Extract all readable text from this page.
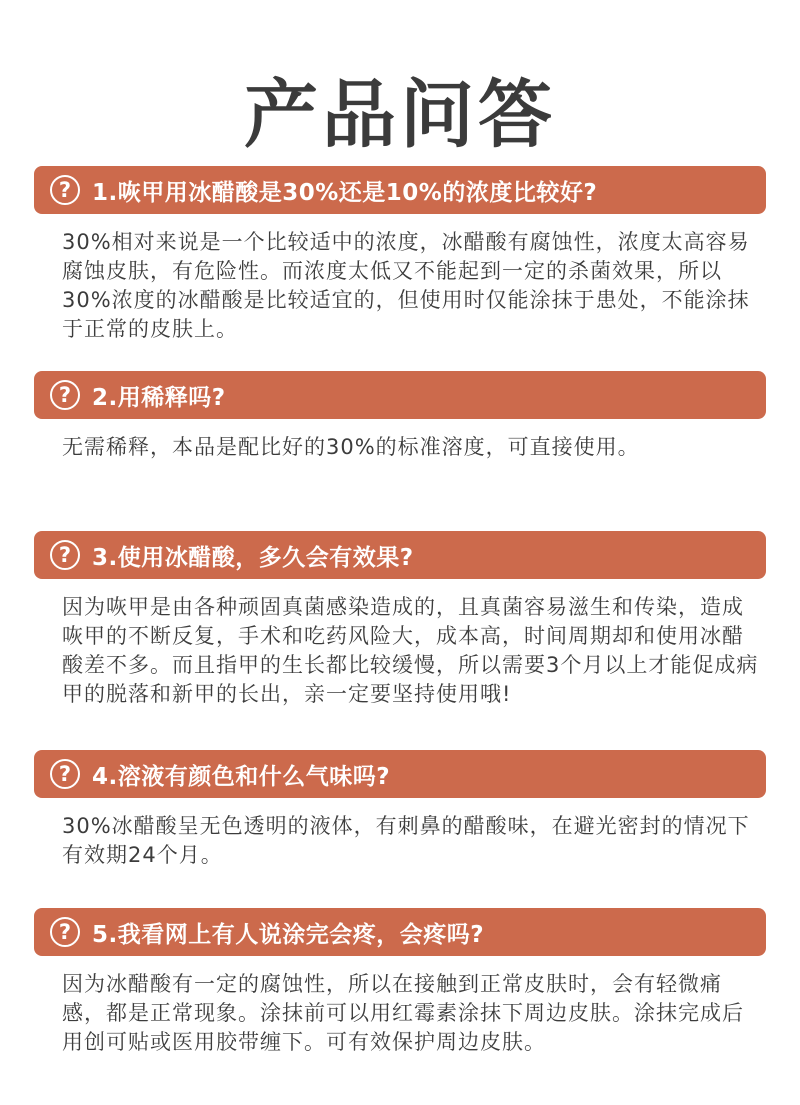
产品问答
? 1.咴甲用冰醋酸是30%还是10%的浓度比较好?
30%相对来说是一个比较适中的浓度，冰醋酸有腐蚀性，浓度太高容易腐蚀皮肤，有危险性。而浓度太低又不能起到一定的杀菌效果，所以30%浓度的冰醋酸是比较适宜的，但使用时仅能涂抹于患处，不能涂抹于正常的皮肤上。
? 2.用稀释吗?
无需稀释，本品是配比好的30%的标准溶度，可直接使用。
? 3.使用冰醋酸，多久会有效果?
因为咴甲是由各种顽固真菌感染造成的，且真菌容易滋生和传染，造成咴甲的不断反复，手术和吃药风险大，成本高，时间周期却和使用冰醋酸差不多。而且指甲的生长都比较缓慢，所以需要3个月以上才能促成病甲的脱落和新甲的长出，亲一定要坚持使用哦!
? 4.溶液有颜色和什么气味吗?
30%冰醋酸呈无色透明的液体，有刺鼻的醋酸味，在避光密封的情况下有效期24个月。
? 5.我看网上有人说涂完会疼，会疼吗?
因为冰醋酸有一定的腐蚀性，所以在接触到正常皮肤时，会有轻微痛感，都是正常现象。涂抹前可以用红霉素涂抹下周边皮肤。涂抹完成后用创可贴或医用胶带缠下。可有效保护周边皮肤。
